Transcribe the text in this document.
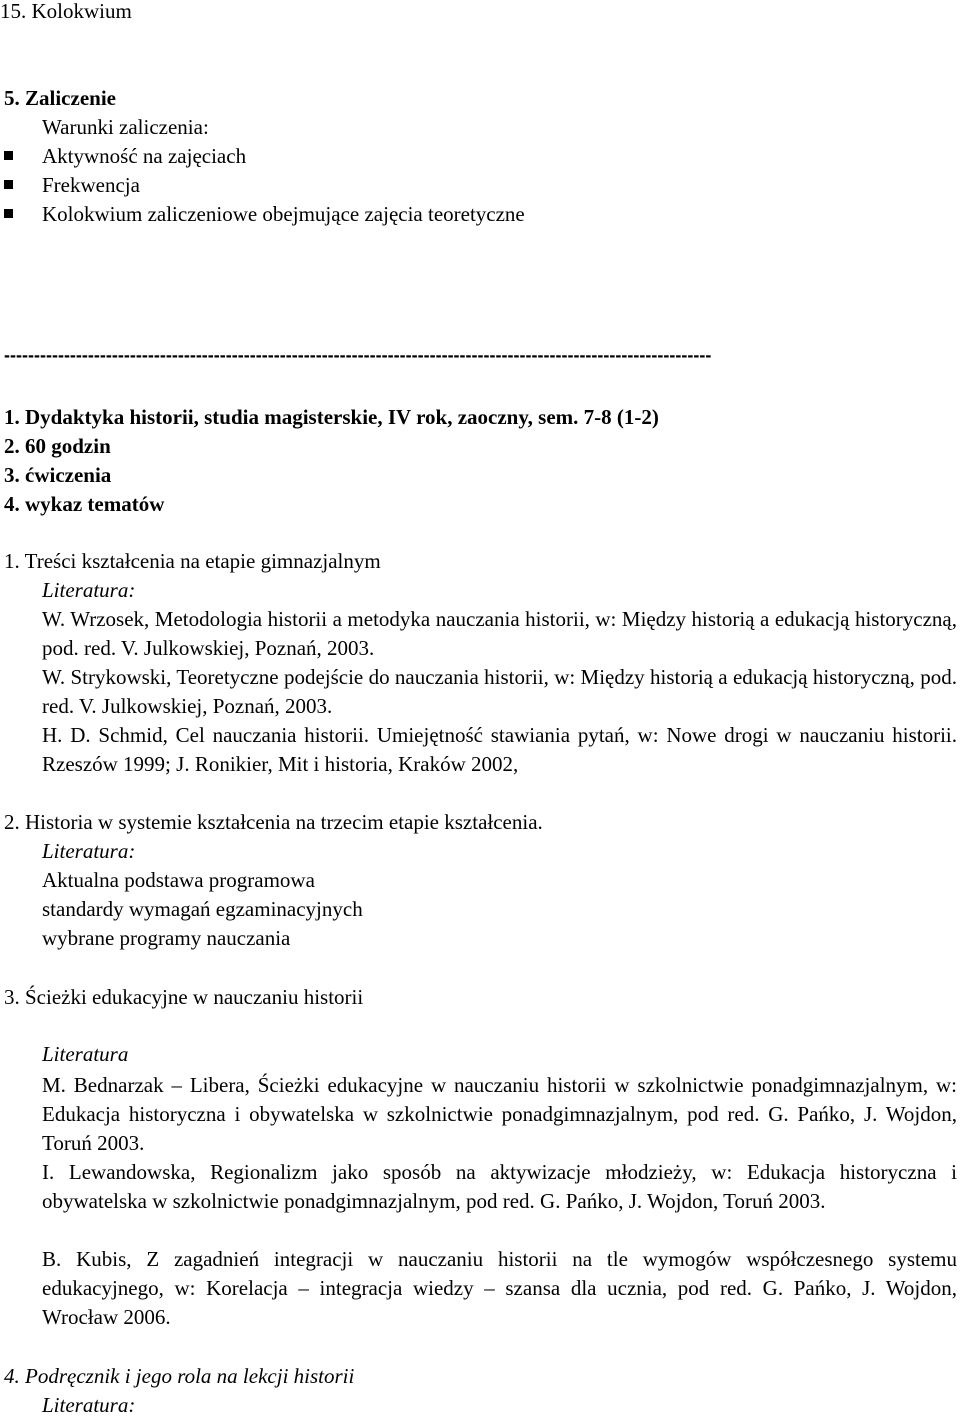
15. Kolokwium
5. Zaliczenie
Warunki zaliczenia:
Aktywność na zajęciach
Frekwencja
Kolokwium zaliczeniowe obejmujące zajęcia teoretyczne
----------------------------------------------------------------------------------------------------------------------
1. Dydaktyka historii, studia magisterskie, IV rok, zaoczny, sem. 7-8 (1-2)
2. 60 godzin
3. ćwiczenia
4. wykaz tematów
1. Treści kształcenia na etapie gimnazjalnym
Literatura:
W. Wrzosek, Metodologia historii a metodyka nauczania historii, w: Między historią a edukacją historyczną, pod. red. V. Julkowskiej, Poznań, 2003.
W. Strykowski, Teoretyczne podejście do nauczania historii, w: Między historią a edukacją historyczną, pod. red. V. Julkowskiej, Poznań, 2003.
H. D. Schmid, Cel nauczania historii. Umiejętność stawiania pytań, w: Nowe drogi w nauczaniu historii. Rzeszów 1999; J. Ronikier, Mit i historia, Kraków 2002,
2. Historia w systemie kształcenia na trzecim etapie kształcenia.
Literatura:
Aktualna podstawa programowa
standardy wymagań egzaminacyjnych
wybrane programy nauczania
3. Ścieżki edukacyjne w nauczaniu historii
Literatura
M. Bednarzak – Libera, Ścieżki edukacyjne w nauczaniu historii w szkolnictwie ponadgimnazjalnym, w: Edukacja historyczna i obywatelska w szkolnictwie ponadgimnazjalnym, pod red. G. Pańko, J. Wojdon, Toruń 2003.
I. Lewandowska, Regionalizm jako sposób na aktywizacje młodzieży, w: Edukacja historyczna i obywatelska w szkolnictwie ponadgimnazjalnym, pod red. G. Pańko, J. Wojdon, Toruń 2003.
B. Kubis, Z zagadnień integracji w nauczaniu historii na tle wymogów współczesnego systemu edukacyjnego, w: Korelacja – integracja wiedzy – szansa dla ucznia, pod red. G. Pańko, J. Wojdon, Wrocław 2006.
4. Podręcznik i jego rola na lekcji historii
Literatura:
